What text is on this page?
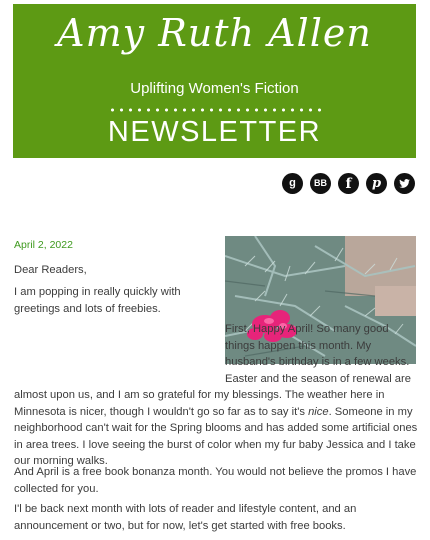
Amy Ruth Allen
Uplifting Women's Fiction
NEWSLETTER
g	BB	f	p
April 2, 2022

Dear Readers,

I am popping in really quickly with greetings and lots of freebies.

First, Happy April! So many good things happen this month. My husband's birthday is in a few weeks. Easter and the season of renewal are almost upon us, and I am so grateful for my blessings. The weather here in Minnesota is nicer, though I wouldn't go so far as to say it's nice. Someone in my neighborhood can't wait for the Spring blooms and has added some artificial ones in area trees. I love seeing the burst of color when my fur baby Jessica and I take our morning walks.

And April is a free book bonanza month. You would not believe the promos I have collected for you.

I'l be back next month with lots of reader and lifestyle content, and an announcement or two, but for now, let's get started with free books.
